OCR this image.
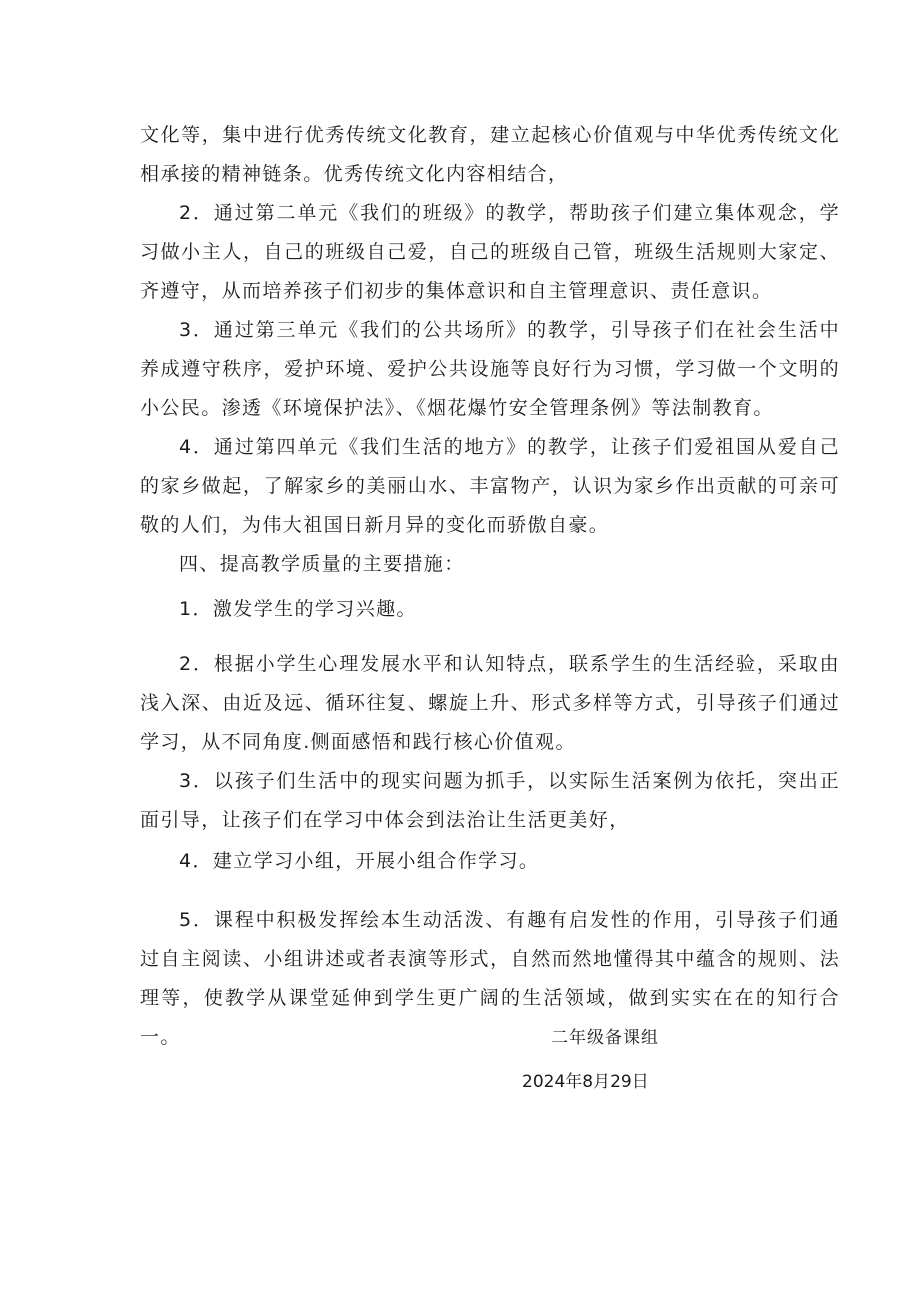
文化等，集中进行优秀传统文化教育，建立起核心价值观与中华优秀传统文化相承接的精神链条。优秀传统文化内容相结合，

2．通过第二单元《我们的班级》的教学，帮助孩子们建立集体观念，学习做小主人，自己的班级自己爱，自己的班级自己管，班级生活规则大家定、齐遵守，从而培养孩子们初步的集体意识和自主管理意识、责任意识。

3．通过第三单元《我们的公共场所》的教学，引导孩子们在社会生活中养成遵守秩序，爱护环境、爱护公共设施等良好行为习惯，学习做一个文明的小公民。渗透《环境保护法》、《烟花爆竹安全管理条例》等法制教育。

4．通过第四单元《我们生活的地方》的教学，让孩子们爱祖国从爱自己的家乡做起，了解家乡的美丽山水、丰富物产，认识为家乡作出贡献的可亲可敬的人们，为伟大祖国日新月异的变化而骄傲自豪。

四、提高教学质量的主要措施：

1．激发学生的学习兴趣。

2．根据小学生心理发展水平和认知特点，联系学生的生活经验，采取由浅入深、由近及远、循环往复、螺旋上升、形式多样等方式，引导孩子们通过学习，从不同角度.侧面感悟和践行核心价值观。

3．以孩子们生活中的现实问题为抓手，以实际生活案例为依托，突出正面引导，让孩子们在学习中体会到法治让生活更美好，

4．建立学习小组，开展小组合作学习。

5．课程中积极发挥绘本生动活泼、有趣有启发性的作用，引导孩子们通过自主阅读、小组讲述或者表演等形式，自然而然地懂得其中蕴含的规则、法理等，使教学从课堂延伸到学生更广阔的生活领域，做到实实在在的知行合一。	二年级备课组

2024年8月29日
